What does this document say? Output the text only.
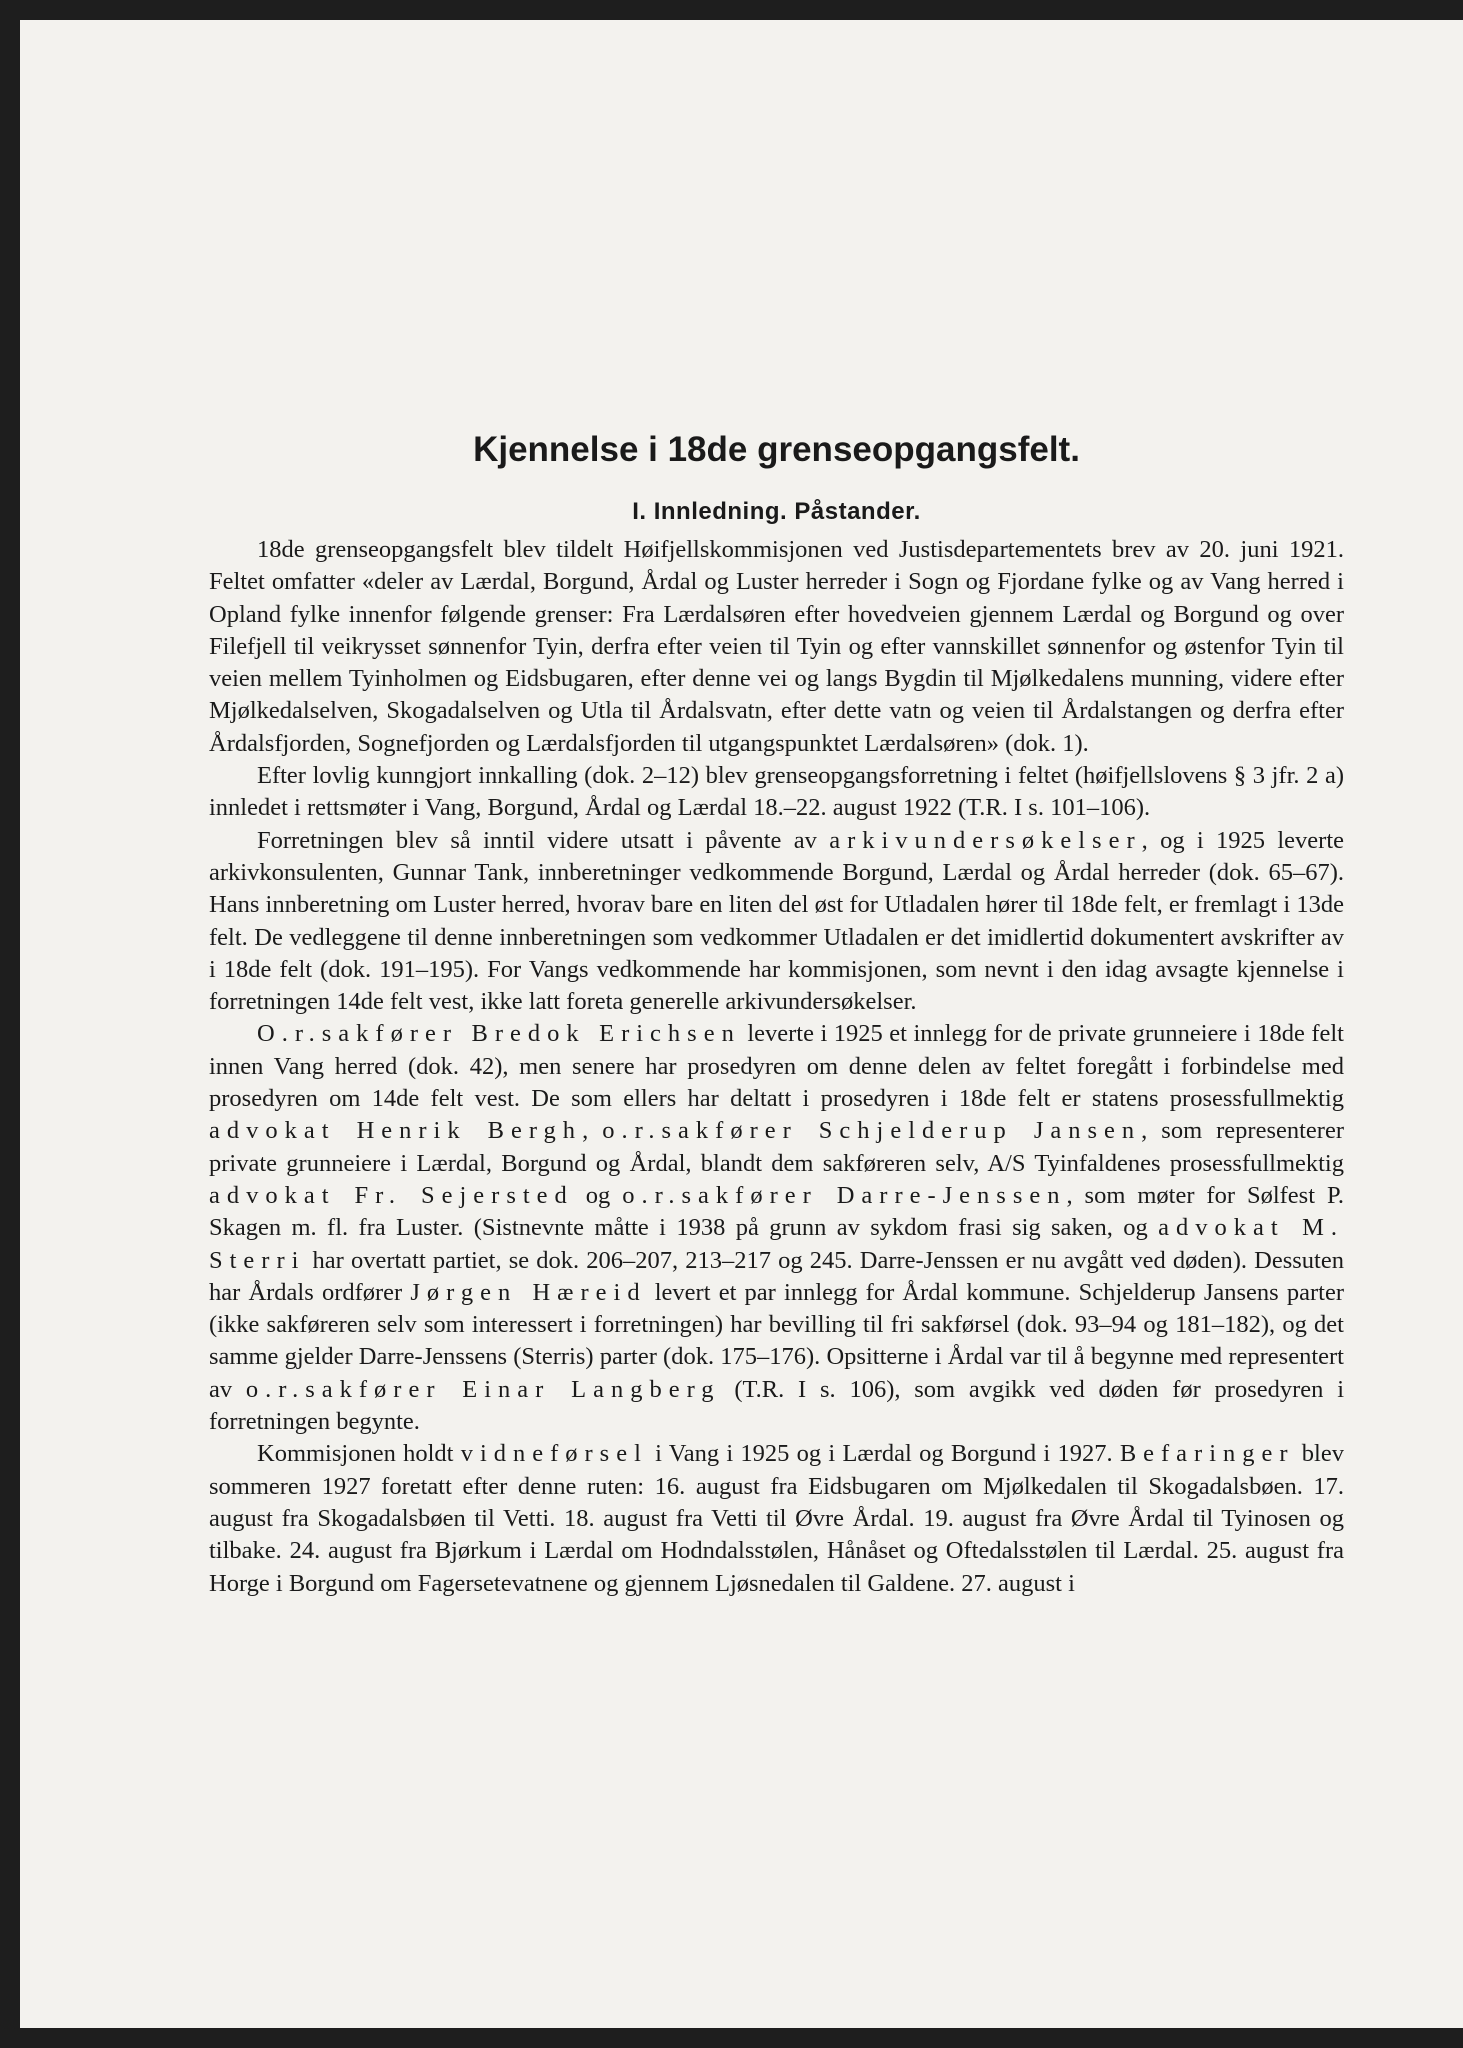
Kjennelse i 18de grenseopgangsfelt.
I. Innledning. Påstander.

18de grenseopgangsfelt blev tildelt Høifjellskommisjonen ved Justisdepartementets brev av 20. juni 1921. Feltet omfatter «deler av Lærdal, Borgund, Årdal og Luster herreder i Sogn og Fjordane fylke og av Vang herred i Opland fylke innenfor følgende grenser: Fra Lærdalsøren efter hovedveien gjennem Lærdal og Borgund og over Filefjell til veikrysset sønnenfor Tyin, derfra efter veien til Tyin og efter vannskillet sønnenfor og østenfor Tyin til veien mellem Tyinholmen og Eidsbugaren, efter denne vei og langs Bygdin til Mjølkedalens munning, videre efter Mjølkedalselven, Skogadalselven og Utla til Årdalsvatn, efter dette vatn og veien til Årdalstangen og derfra efter Årdalsfjorden, Sognefjorden og Lærdalsfjorden til utgangspunktet Lærdalsøren» (dok. 1).

Efter lovlig kunngjort innkalling (dok. 2–12) blev grenseopgangsforretning i feltet (høifjellslovens § 3 jfr. 2 a) innledet i rettsmøter i Vang, Borgund, Årdal og Lærdal 18.–22. august 1922 (T.R. I s. 101–106).

Forretningen blev så inntil videre utsatt i påvente av arkivundersøkelser, og i 1925 leverte arkivkonsulenten, Gunnar Tank, innberetninger vedkommende Borgund, Lærdal og Årdal herreder (dok. 65–67). Hans innberetning om Luster herred, hvorav bare en liten del øst for Utladalen hører til 18de felt, er fremlagt i 13de felt. De vedleggene til denne innberetningen som vedkommer Utladalen er det imidlertid dokumentert avskrifter av i 18de felt (dok. 191–195). For Vangs vedkommende har kommisjonen, som nevnt i den idag avsagte kjennelse i forretningen 14de felt vest, ikke latt foreta generelle arkivundersøkelser.

O.r.sakfører Bredok Erichsen leverte i 1925 et innlegg for de private grunneiere i 18de felt innen Vang herred (dok. 42), men senere har prosedyren om denne delen av feltet foregått i forbindelse med prosedyren om 14de felt vest. De som ellers har deltatt i prosedyren i 18de felt er statens prosessfullmektig advokat Henrik Bergh, o.r.sakfører Schjelderup Jansen, som representerer private grunneiere i Lærdal, Borgund og Årdal, blandt dem sakføreren selv, A/S Tyinfaldenes prosessfullmektig advokat Fr. Sejersted og o.r.sakfører Darre-Jenssen, som møter for Sølfest P. Skagen m. fl. fra Luster. (Sistnevnte måtte i 1938 på grunn av sykdom frasi sig saken, og advokat M. Sterri har overtatt partiet, se dok. 206–207, 213–217 og 245. Darre-Jenssen er nu avgått ved døden). Dessuten har Årdals ordfører Jørgen Hæreid levert et par innlegg for Årdal kommune. Schjelderup Jansens parter (ikke sakføreren selv som interessert i forretningen) har bevilling til fri sakførsel (dok. 93–94 og 181–182), og det samme gjelder Darre-Jenssens (Sterris) parter (dok. 175–176). Opsitterne i Årdal var til å begynne med representert av o.r.sakfører Einar Langberg (T.R. I s. 106), som avgikk ved døden før prosedyren i forretningen begynte.

Kommisjonen holdt vidneførsel i Vang i 1925 og i Lærdal og Borgund i 1927. Befaringer blev sommeren 1927 foretatt efter denne ruten: 16. august fra Eidsbugaren om Mjølkedalen til Skogadalsbøen. 17. august fra Skogadalsbøen til Vetti. 18. august fra Vetti til Øvre Årdal. 19. august fra Øvre Årdal til Tyinosen og tilbake. 24. august fra Bjørkum i Lærdal om Hodndalsstølen, Hånåset og Oftedalsstølen til Lærdal. 25. august fra Horge i Borgund om Fagersetevatnene og gjennem Ljøsnedalen til Galdene. 27. august i
